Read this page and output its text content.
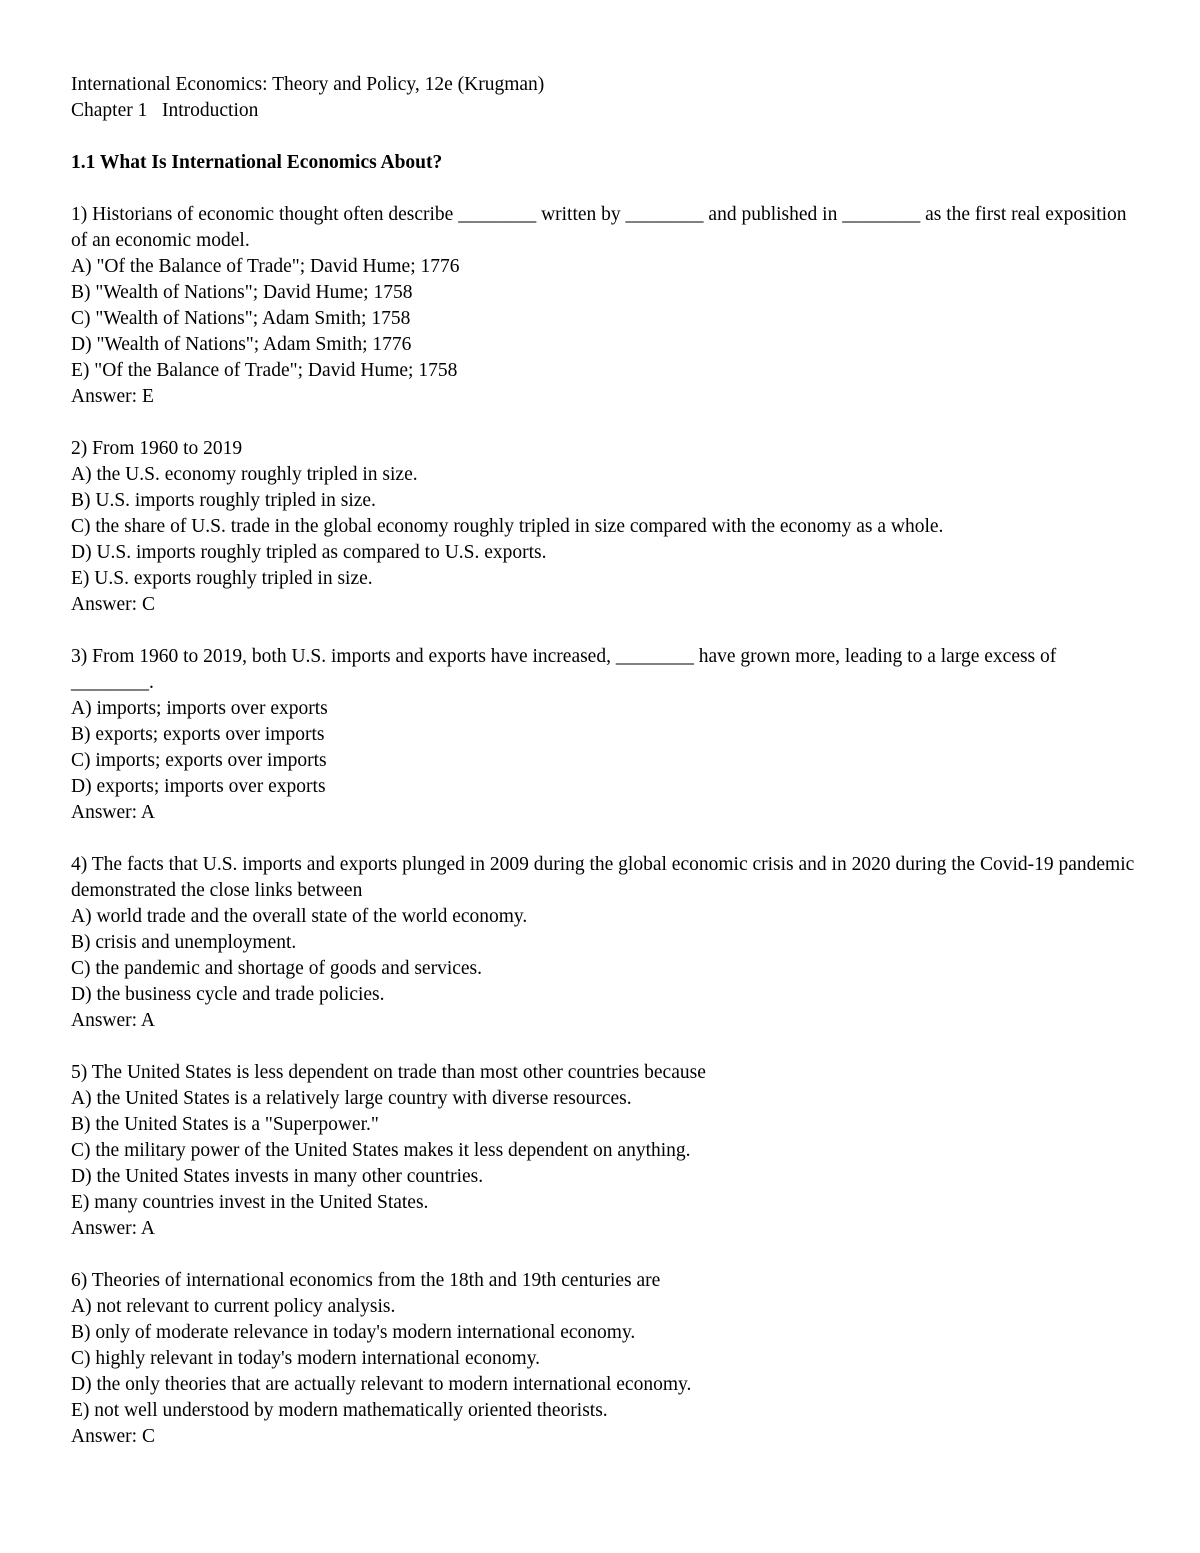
International Economics: Theory and Policy, 12e (Krugman)
Chapter 1   Introduction
1.1 What Is International Economics About?
1) Historians of economic thought often describe ________ written by ________ and published in ________ as the first real exposition of an economic model.
A) "Of the Balance of Trade"; David Hume; 1776
B) "Wealth of Nations"; David Hume; 1758
C) "Wealth of Nations"; Adam Smith; 1758
D) "Wealth of Nations"; Adam Smith; 1776
E) "Of the Balance of Trade"; David Hume; 1758
Answer: E
2) From 1960 to 2019
A) the U.S. economy roughly tripled in size.
B) U.S. imports roughly tripled in size.
C) the share of U.S. trade in the global economy roughly tripled in size compared with the economy as a whole.
D) U.S. imports roughly tripled as compared to U.S. exports.
E) U.S. exports roughly tripled in size.
Answer: C
3) From 1960 to 2019, both U.S. imports and exports have increased, ________ have grown more, leading to a large excess of ________.
A) imports; imports over exports
B) exports; exports over imports
C) imports; exports over imports
D) exports; imports over exports
Answer: A
4) The facts that U.S. imports and exports plunged in 2009 during the global economic crisis and in 2020 during the Covid-19 pandemic demonstrated the close links between
A) world trade and the overall state of the world economy.
B) crisis and unemployment.
C) the pandemic and shortage of goods and services.
D) the business cycle and trade policies.
Answer: A
5) The United States is less dependent on trade than most other countries because
A) the United States is a relatively large country with diverse resources.
B) the United States is a "Superpower."
C) the military power of the United States makes it less dependent on anything.
D) the United States invests in many other countries.
E) many countries invest in the United States.
Answer: A
6) Theories of international economics from the 18th and 19th centuries are
A) not relevant to current policy analysis.
B) only of moderate relevance in today's modern international economy.
C) highly relevant in today's modern international economy.
D) the only theories that are actually relevant to modern international economy.
E) not well understood by modern mathematically oriented theorists.
Answer: C
